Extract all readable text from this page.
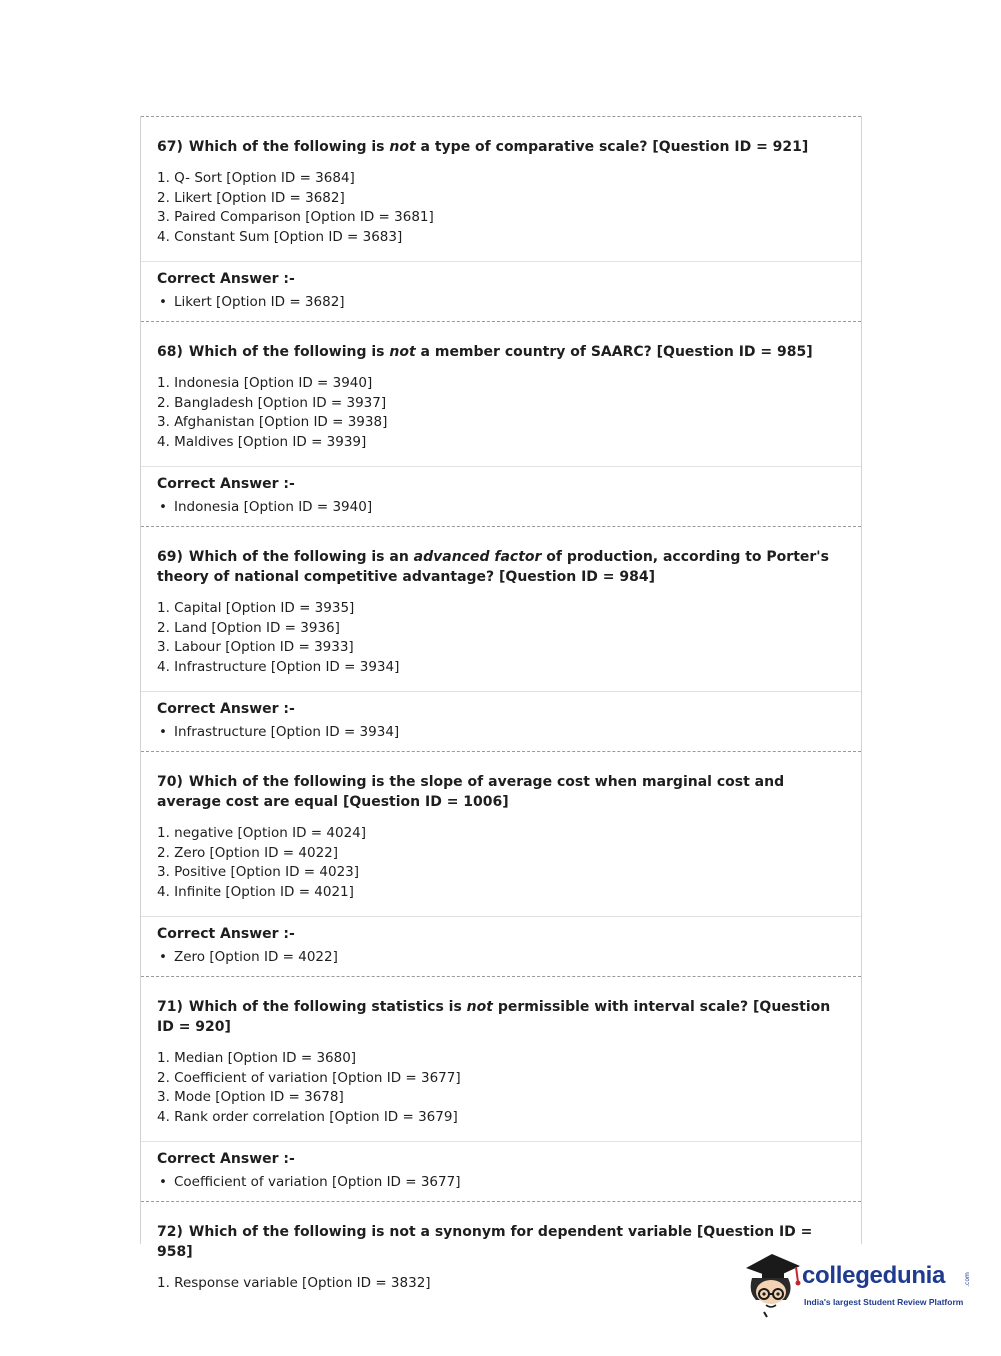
67) Which of the following is not a type of comparative scale? [Question ID = 921]
1. Q- Sort [Option ID = 3684]
2. Likert [Option ID = 3682]
3. Paired Comparison [Option ID = 3681]
4. Constant Sum [Option ID = 3683]
Correct Answer :-
• Likert [Option ID = 3682]
68) Which of the following is not a member country of SAARC? [Question ID = 985]
1. Indonesia [Option ID = 3940]
2. Bangladesh [Option ID = 3937]
3. Afghanistan [Option ID = 3938]
4. Maldives [Option ID = 3939]
Correct Answer :-
• Indonesia [Option ID = 3940]
69) Which of the following is an advanced factor of production, according to Porter's theory of national competitive advantage? [Question ID = 984]
1. Capital [Option ID = 3935]
2. Land [Option ID = 3936]
3. Labour [Option ID = 3933]
4. Infrastructure [Option ID = 3934]
Correct Answer :-
• Infrastructure [Option ID = 3934]
70) Which of the following is the slope of average cost when marginal cost and average cost are equal [Question ID = 1006]
1. negative [Option ID = 4024]
2. Zero [Option ID = 4022]
3. Positive [Option ID = 4023]
4. Infinite [Option ID = 4021]
Correct Answer :-
• Zero [Option ID = 4022]
71) Which of the following statistics is not permissible with interval scale? [Question ID = 920]
1. Median [Option ID = 3680]
2. Coefficient of variation [Option ID = 3677]
3. Mode [Option ID = 3678]
4. Rank order correlation [Option ID = 3679]
Correct Answer :-
• Coefficient of variation [Option ID = 3677]
72) Which of the following is not a synonym for dependent variable [Question ID = 958]
1. Response variable [Option ID = 3832]	collegedunia	.com
India's largest Student Review Platform
